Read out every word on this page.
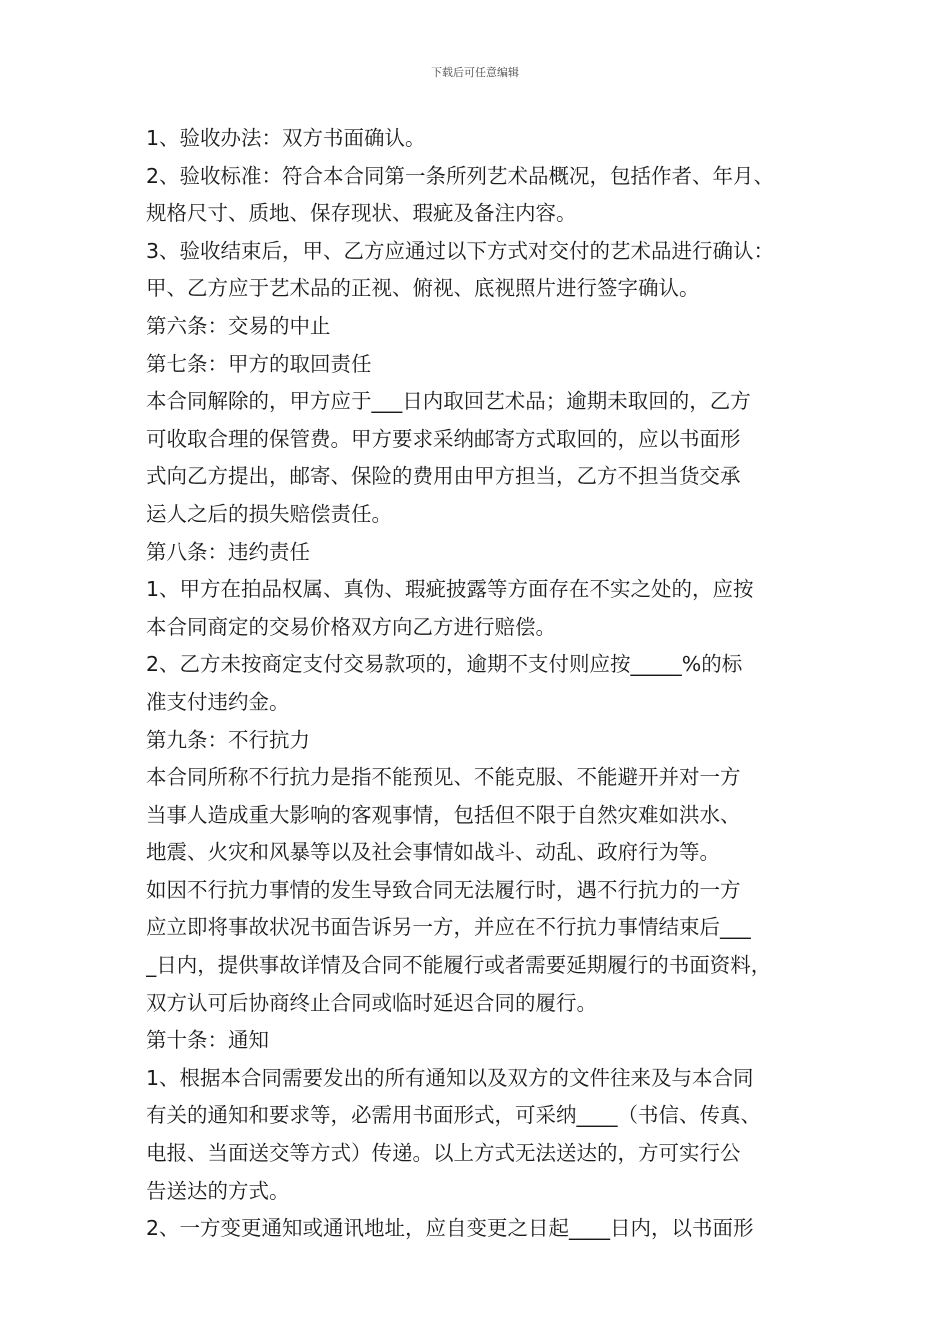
下载后可任意编辑
1、验收办法：双方书面确认。
2、验收标准：符合本合同第一条所列艺术品概况，包括作者、年月、
规格尺寸、质地、保存现状、瑕疵及备注内容。
3、验收结束后，甲、乙方应通过以下方式对交付的艺术品进行确认：
甲、乙方应于艺术品的正视、俯视、底视照片进行签字确认。
第六条：交易的中止
第七条：甲方的取回责任
本合同解除的，甲方应于___日内取回艺术品；逾期未取回的，乙方
可收取合理的保管费。甲方要求采纳邮寄方式取回的，应以书面形
式向乙方提出，邮寄、保险的费用由甲方担当，乙方不担当货交承
运人之后的损失赔偿责任。
第八条：违约责任
1、甲方在拍品权属、真伪、瑕疵披露等方面存在不实之处的，应按
本合同商定的交易价格双方向乙方进行赔偿。
2、乙方未按商定支付交易款项的，逾期不支付则应按_____%的标
准支付违约金。
第九条：不行抗力
本合同所称不行抗力是指不能预见、不能克服、不能避开并对一方
当事人造成重大影响的客观事情，包括但不限于自然灾难如洪水、
地震、火灾和风暴等以及社会事情如战斗、动乱、政府行为等。
如因不行抗力事情的发生导致合同无法履行时，遇不行抗力的一方
应立即将事故状况书面告诉另一方，并应在不行抗力事情结束后___
_日内，提供事故详情及合同不能履行或者需要延期履行的书面资料，
双方认可后协商终止合同或临时延迟合同的履行。
第十条：通知
1、根据本合同需要发出的所有通知以及双方的文件往来及与本合同
有关的通知和要求等，必需用书面形式，可采纳____（书信、传真、
电报、当面送交等方式）传递。以上方式无法送达的，方可实行公
告送达的方式。
2、一方变更通知或通讯地址，应自变更之日起____日内，以书面形
